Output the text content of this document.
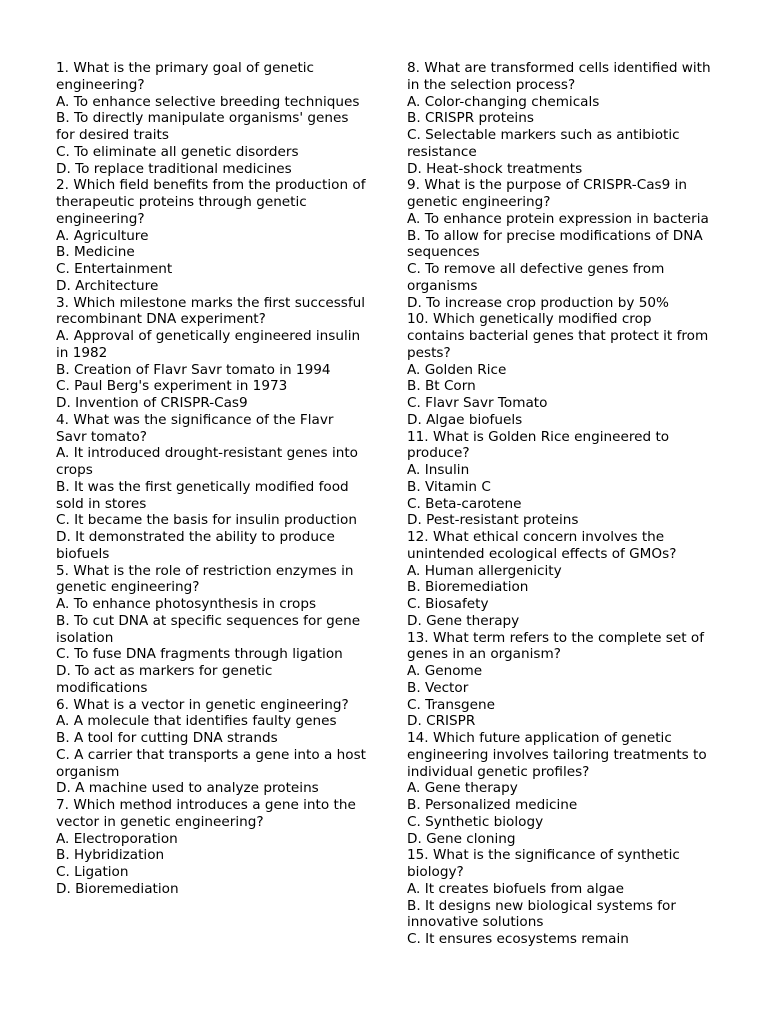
1. What is the primary goal of genetic engineering?
A. To enhance selective breeding techniques
B. To directly manipulate organisms' genes for desired traits
C. To eliminate all genetic disorders
D. To replace traditional medicines
2. Which field benefits from the production of therapeutic proteins through genetic engineering?
A. Agriculture
B. Medicine
C. Entertainment
D. Architecture
3. Which milestone marks the first successful recombinant DNA experiment?
A. Approval of genetically engineered insulin in 1982
B. Creation of Flavr Savr tomato in 1994
C. Paul Berg's experiment in 1973
D. Invention of CRISPR-Cas9
4. What was the significance of the Flavr Savr tomato?
A. It introduced drought-resistant genes into crops
B. It was the first genetically modified food sold in stores
C. It became the basis for insulin production
D. It demonstrated the ability to produce biofuels
5. What is the role of restriction enzymes in genetic engineering?
A. To enhance photosynthesis in crops
B. To cut DNA at specific sequences for gene isolation
C. To fuse DNA fragments through ligation
D. To act as markers for genetic modifications
6. What is a vector in genetic engineering?
A. A molecule that identifies faulty genes
B. A tool for cutting DNA strands
C. A carrier that transports a gene into a host organism
D. A machine used to analyze proteins
7. Which method introduces a gene into the vector in genetic engineering?
A. Electroporation
B. Hybridization
C. Ligation
D. Bioremediation
8. What are transformed cells identified with in the selection process?
A. Color-changing chemicals
B. CRISPR proteins
C. Selectable markers such as antibiotic resistance
D. Heat-shock treatments
9. What is the purpose of CRISPR-Cas9 in genetic engineering?
A. To enhance protein expression in bacteria
B. To allow for precise modifications of DNA sequences
C. To remove all defective genes from organisms
D. To increase crop production by 50%
10. Which genetically modified crop contains bacterial genes that protect it from pests?
A. Golden Rice
B. Bt Corn
C. Flavr Savr Tomato
D. Algae biofuels
11. What is Golden Rice engineered to produce?
A. Insulin
B. Vitamin C
C. Beta-carotene
D. Pest-resistant proteins
12. What ethical concern involves the unintended ecological effects of GMOs?
A. Human allergenicity
B. Bioremediation
C. Biosafety
D. Gene therapy
13. What term refers to the complete set of genes in an organism?
A. Genome
B. Vector
C. Transgene
D. CRISPR
14. Which future application of genetic engineering involves tailoring treatments to individual genetic profiles?
A. Gene therapy
B. Personalized medicine
C. Synthetic biology
D. Gene cloning
15. What is the significance of synthetic biology?
A. It creates biofuels from algae
B. It designs new biological systems for innovative solutions
C. It ensures ecosystems remain
